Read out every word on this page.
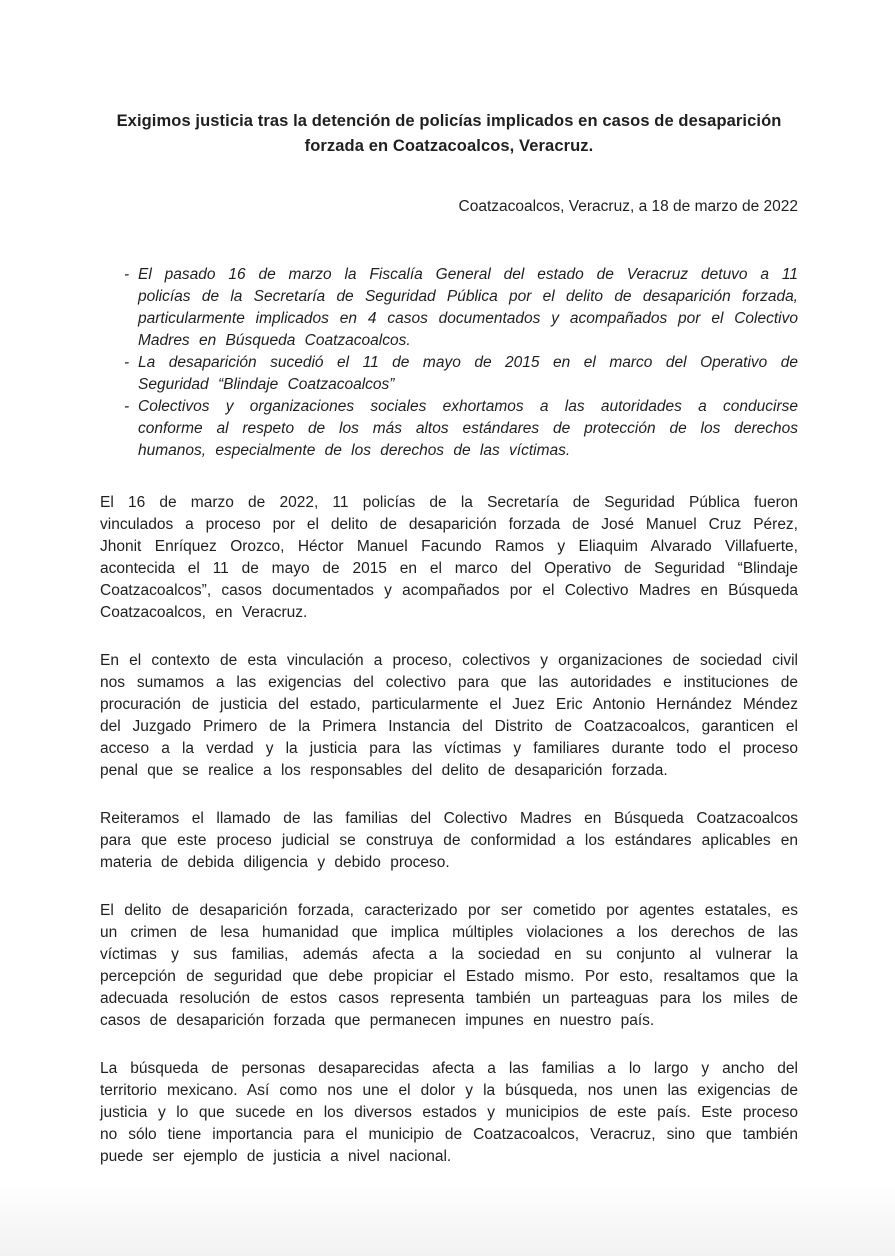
Exigimos justicia tras la detención de policías implicados en casos de desaparición forzada en Coatzacoalcos, Veracruz.

Coatzacoalcos, Veracruz, a 18 de marzo de 2022

- El pasado 16 de marzo la Fiscalía General del estado de Veracruz detuvo a 11 policías de la Secretaría de Seguridad Pública por el delito de desaparición forzada, particularmente implicados en 4 casos documentados y acompañados por el Colectivo Madres en Búsqueda Coatzacoalcos.
- La desaparición sucedió el 11 de mayo de 2015 en el marco del Operativo de Seguridad “Blindaje Coatzacoalcos”
- Colectivos y organizaciones sociales exhortamos a las autoridades a conducirse conforme al respeto de los más altos estándares de protección de los derechos humanos, especialmente de los derechos de las víctimas.

El 16 de marzo de 2022, 11 policías de la Secretaría de Seguridad Pública fueron vinculados a proceso por el delito de desaparición forzada de José Manuel Cruz Pérez, Jhonit Enríquez Orozco, Héctor Manuel Facundo Ramos y Eliaquim Alvarado Villafuerte, acontecida el 11 de mayo de 2015 en el marco del Operativo de Seguridad “Blindaje Coatzacoalcos”, casos documentados y acompañados por el Colectivo Madres en Búsqueda Coatzacoalcos, en Veracruz.

En el contexto de esta vinculación a proceso, colectivos y organizaciones de sociedad civil nos sumamos a las exigencias del colectivo para que las autoridades e instituciones de procuración de justicia del estado, particularmente el Juez Eric Antonio Hernández Méndez del Juzgado Primero de la Primera Instancia del Distrito de Coatzacoalcos, garanticen el acceso a la verdad y la justicia para las víctimas y familiares durante todo el proceso penal que se realice a los responsables del delito de desaparición forzada.

Reiteramos el llamado de las familias del Colectivo Madres en Búsqueda Coatzacoalcos para que este proceso judicial se construya de conformidad a los estándares aplicables en materia de debida diligencia y debido proceso.

El delito de desaparición forzada, caracterizado por ser cometido por agentes estatales, es un crimen de lesa humanidad que implica múltiples violaciones a los derechos de las víctimas y sus familias, además afecta a la sociedad en su conjunto al vulnerar la percepción de seguridad que debe propiciar el Estado mismo. Por esto, resaltamos que la adecuada resolución de estos casos representa también un parteaguas para los miles de casos de desaparición forzada que permanecen impunes en nuestro país.

La búsqueda de personas desaparecidas afecta a las familias a lo largo y ancho del territorio mexicano. Así como nos une el dolor y la búsqueda, nos unen las exigencias de justicia y lo que sucede en los diversos estados y municipios de este país. Este proceso no sólo tiene importancia para el municipio de Coatzacoalcos, Veracruz, sino que también puede ser ejemplo de justicia a nivel nacional.
